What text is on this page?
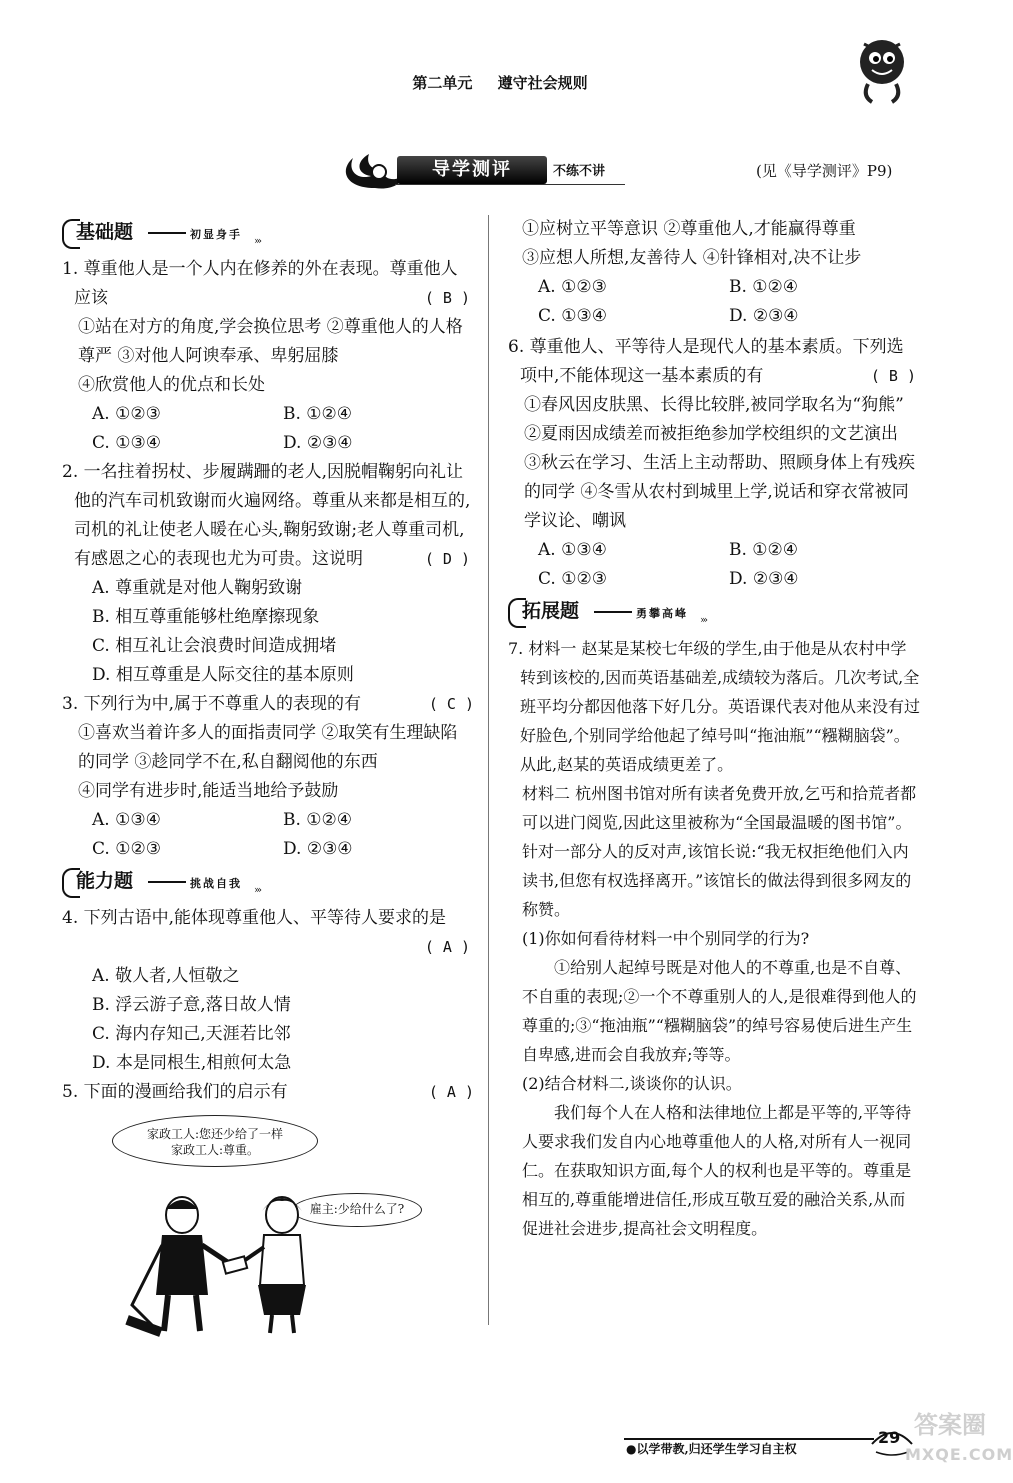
第二单元 遵守社会规则
导学测评	不练不讲	(见《导学测评》P9)
基础题	初显身手
›››
1. 尊重他人是一个人内在修养的外在表现。尊重他人应该	( B )
①站在对方的角度,学会换位思考 ②尊重他人的人格尊严 ③对他人阿谀奉承、卑躬屈膝
④欣赏他人的优点和长处
A. ①②③	B. ①②④
C. ①③④	D. ②③④
2. 一名拄着拐杖、步履蹒跚的老人,因脱帽鞠躬向礼让他的汽车司机致谢而火遍网络。尊重从来都是相互的,司机的礼让使老人暖在心头,鞠躬致谢;老人尊重司机,有感恩之心的表现也尤为可贵。这说明	( D )
A. 尊重就是对他人鞠躬致谢
B. 相互尊重能够杜绝摩擦现象
C. 相互礼让会浪费时间造成拥堵
D. 相互尊重是人际交往的基本原则
3. 下列行为中,属于不尊重人的表现的有	( C )
①喜欢当着许多人的面指责同学 ②取笑有生理缺陷的同学 ③趁同学不在,私自翻阅他的东西
④同学有进步时,能适当地给予鼓励
A. ①③④	B. ①②④
C. ①②③	D. ②③④
能力题	挑战自我
›››
4. 下列古语中,能体现尊重他人、平等待人要求的是
( A )
A. 敬人者,人恒敬之
B. 浮云游子意,落日故人情
C. 海内存知己,天涯若比邻
D. 本是同根生,相煎何太急
5. 下面的漫画给我们的启示有	( A )
家政工人:您还少给了一样
家政工人:尊重。
雇主:少给什么了?
①应树立平等意识 ②尊重他人,才能赢得尊重
③应想人所想,友善待人 ④针锋相对,决不让步
A. ①②③	B. ①②④
C. ①③④	D. ②③④
6. 尊重他人、平等待人是现代人的基本素质。下列选项中,不能体现这一基本素质的有	( B )
①春风因皮肤黑、长得比较胖,被同学取名为“狗熊” ②夏雨因成绩差而被拒绝参加学校组织的文艺演出 ③秋云在学习、生活上主动帮助、照顾身体上有残疾的同学 ④冬雪从农村到城里上学,说话和穿衣常被同学议论、嘲讽
A. ①③④	B. ①②④
C. ①②③	D. ②③④
拓展题	勇攀高峰
›››
7. 材料一 赵某是某校七年级的学生,由于他是从农村中学转到该校的,因而英语基础差,成绩较为落后。几次考试,全班平均分都因他落下好几分。英语课代表对他从来没有过好脸色,个别同学给他起了绰号叫“拖油瓶”“糨糊脑袋”。从此,赵某的英语成绩更差了。
材料二 杭州图书馆对所有读者免费开放,乞丐和拾荒者都可以进门阅览,因此这里被称为“全国最温暖的图书馆”。针对一部分人的反对声,该馆长说:“我无权拒绝他们入内读书,但您有权选择离开。”该馆长的做法得到很多网友的称赞。
(1)你如何看待材料一中个别同学的行为?
①给别人起绰号既是对他人的不尊重,也是不自尊、不自重的表现;②一个不尊重别人的人,是很难得到他人的尊重的;③“拖油瓶”“糨糊脑袋”的绰号容易使后进生产生自卑感,进而会自我放弃;等等。
(2)结合材料二,谈谈你的认识。
我们每个人在人格和法律地位上都是平等的,平等待人要求我们发自内心地尊重他人的人格,对所有人一视同仁。在获取知识方面,每个人的权利也是平等的。尊重是相互的,尊重能增进信任,形成互敬互爱的融洽关系,从而促进社会进步,提高社会文明程度。
●以学带教,归还学生学习自主权
29 答案圈
MXQE.COM
